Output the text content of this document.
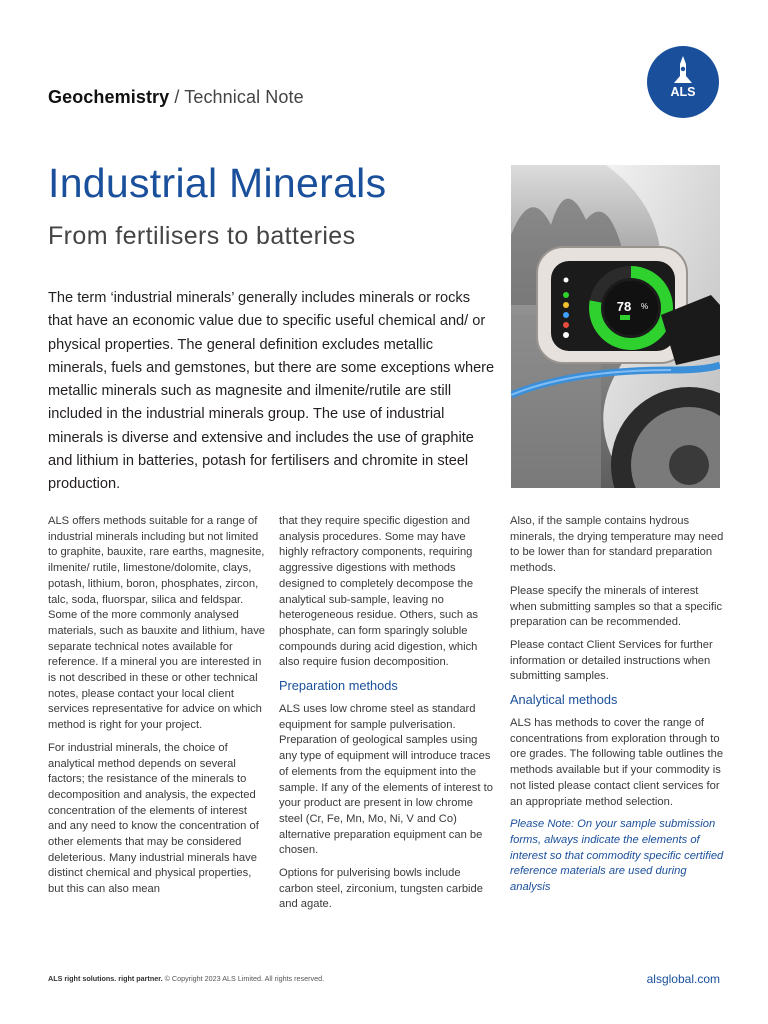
Geochemistry / Technical Note	ALS
Industrial Minerals
From fertilisers to batteries

The term ‘industrial minerals’ generally includes minerals or rocks that have an economic value due to specific useful chemical and/ or physical properties. The general definition excludes metallic minerals, fuels and gemstones, but there are some exceptions where metallic minerals such as magnesite and ilmenite/rutile are still included in the industrial minerals group. The use of industrial minerals is diverse and extensive and includes the use of graphite and lithium in batteries, potash for fertilisers and chromite in steel production.

78 %

ALS offers methods suitable for a range of industrial minerals including but not limited to graphite, bauxite, rare earths, magnesite, ilmenite/ rutile, limestone/dolomite, clays, potash, lithium, boron, phosphates, zircon, talc, soda, fluorspar, silica and feldspar. Some of the more commonly analysed materials, such as bauxite and lithium, have separate technical notes available for reference. If a mineral you are interested in is not described in these or other technical notes, please contact your local client services representative for advice on which method is right for your project.

For industrial minerals, the choice of analytical method depends on several factors; the resistance of the minerals to decomposition and analysis, the expected concentration of the elements of interest and any need to know the concentration of other elements that may be considered deleterious. Many industrial minerals have distinct chemical and physical properties, but this can also mean

that they require specific digestion and analysis procedures. Some may have highly refractory components, requiring aggressive digestions with methods designed to completely decompose the analytical sub-sample, leaving no heterogeneous residue. Others, such as phosphate, can form sparingly soluble compounds during acid digestion, which also require fusion decomposition.

Preparation methods

ALS uses low chrome steel as standard equipment for sample pulverisation. Preparation of geological samples using any type of equipment will introduce traces of elements from the equipment into the sample. If any of the elements of interest to your product are present in low chrome steel (Cr, Fe, Mn, Mo, Ni, V and Co) alternative preparation equipment can be chosen.

Options for pulverising bowls include carbon steel, zirconium, tungsten carbide and agate.

Also, if the sample contains hydrous minerals, the drying temperature may need to be lower than for standard preparation methods.

Please specify the minerals of interest when submitting samples so that a specific preparation can be recommended.

Please contact Client Services for further information or detailed instructions when submitting samples.

Analytical methods

ALS has methods to cover the range of concentrations from exploration through to ore grades. The following table outlines the methods available but if your commodity is not listed please contact client services for an appropriate method selection.

Please Note: On your sample submission forms, always indicate the elements of interest so that commodity specific certified reference materials are used during analysis

ALS right solutions. right partner. © Copyright 2023 ALS Limited. All rights reserved.	alsglobal.com
